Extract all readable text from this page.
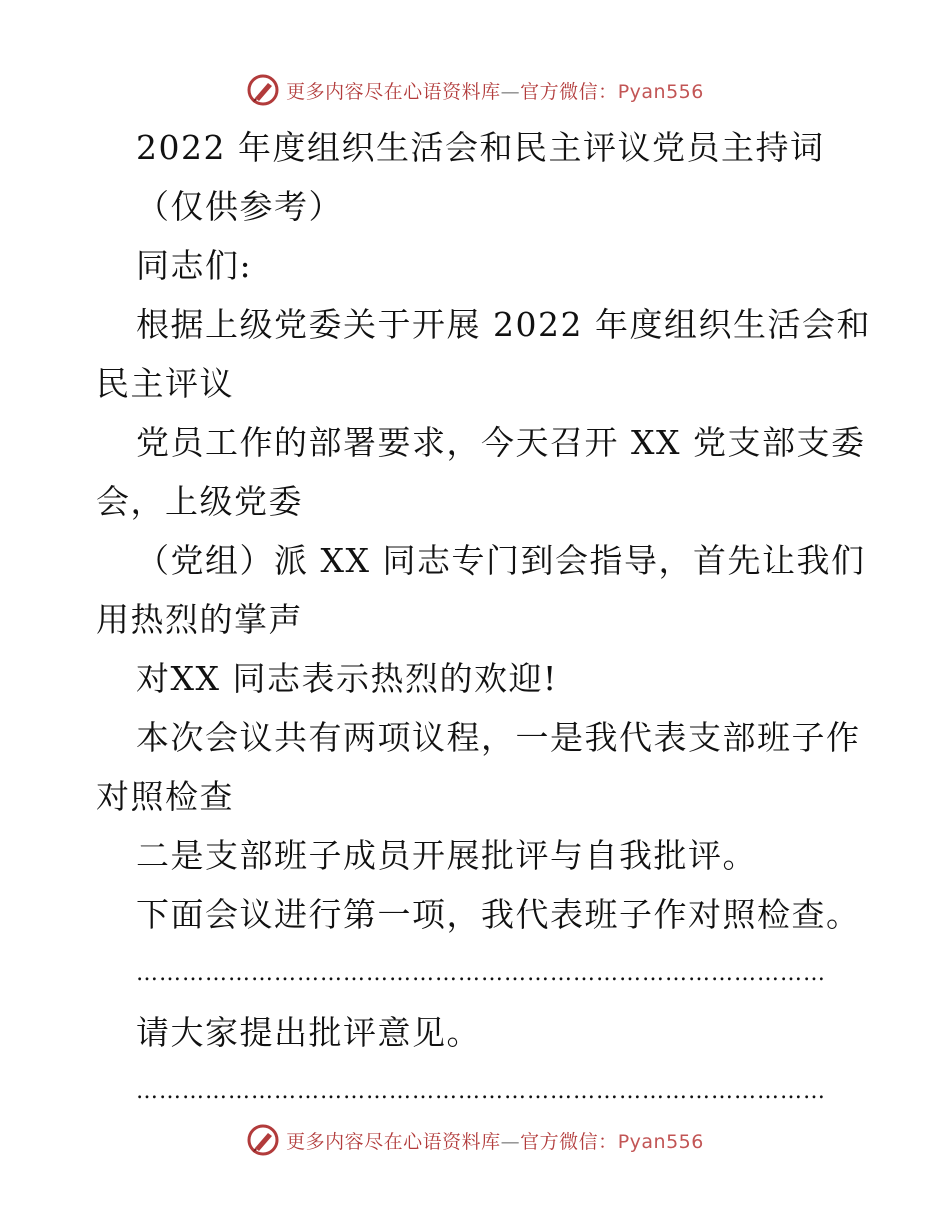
更多内容尽在心语资料库—官方微信：Pyan556
2022 年度组织生活会和民主评议党员主持词
（仅供参考）
同志们:
根据上级党委关于开展 2022 年度组织生活会和
民主评议
党员工作的部署要求，今天召开 XX 党支部支委
会，上级党委
（党组）派 XX 同志专门到会指导，首先让我们
用热烈的掌声
对XX 同志表示热烈的欢迎!
本次会议共有两项议程，一是我代表支部班子作
对照检查
二是支部班子成员开展批评与自我批评。
下面会议进行第一项，我代表班子作对照检查。
………………………………………………………………………………
请大家提出批评意见。
………………………………………………………………………………
更多内容尽在心语资料库—官方微信：Pyan556
